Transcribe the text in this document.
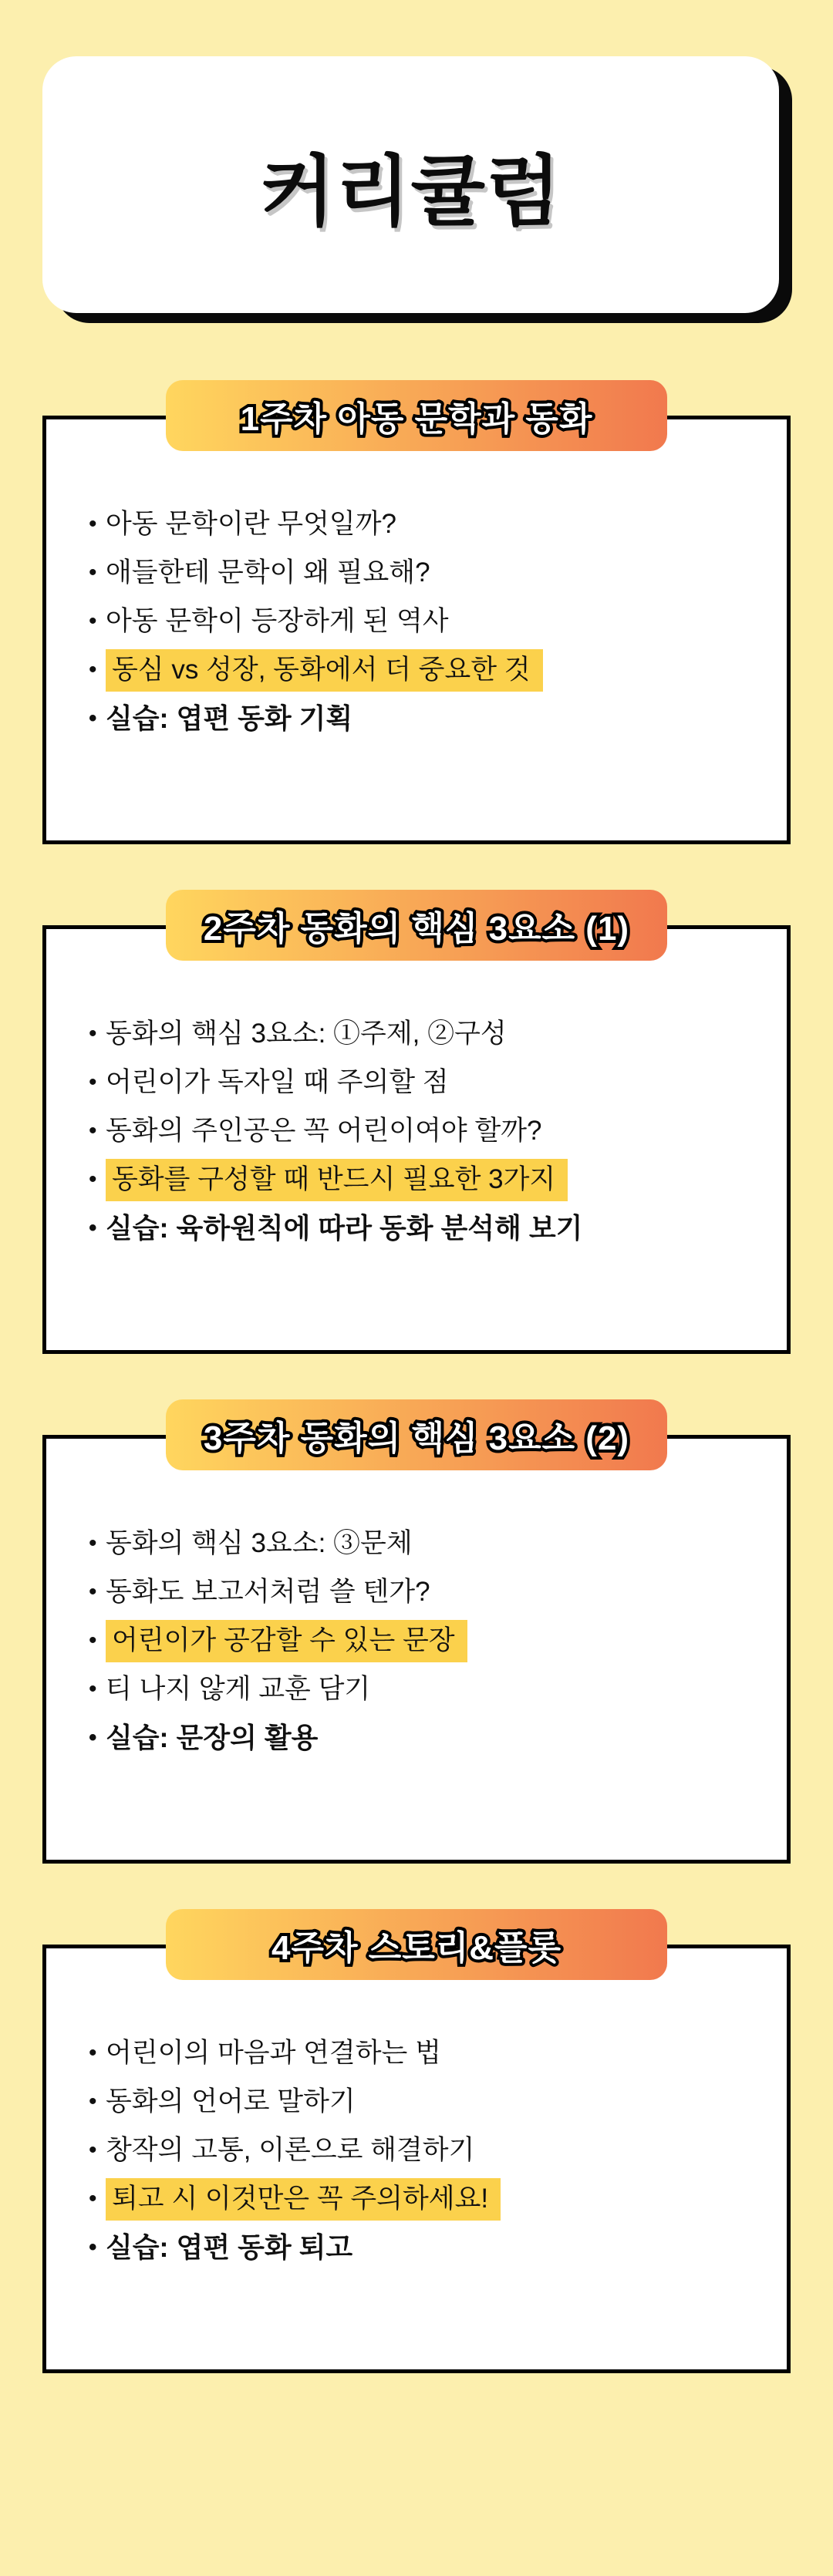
커리큘럼
1주차 아동 문학과 동화
• 아동 문학이란 무엇일까?
• 애들한테 문학이 왜 필요해?
• 아동 문학이 등장하게 된 역사
• 동심 vs 성장, 동화에서 더 중요한 것
• 실습: 엽편 동화 기획
2주차 동화의 핵심 3요소 (1)
• 동화의 핵심 3요소: ①주제, ②구성
• 어린이가 독자일 때 주의할 점
• 동화의 주인공은 꼭 어린이여야 할까?
• 동화를 구성할 때 반드시 필요한 3가지
• 실습: 육하원칙에 따라 동화 분석해 보기
3주차 동화의 핵심 3요소 (2)
• 동화의 핵심 3요소: ③문체
• 동화도 보고서처럼 쓸 텐가?
• 어린이가 공감할 수 있는 문장
• 티 나지 않게 교훈 담기
• 실습: 문장의 활용
4주차 스토리&플롯
• 어린이의 마음과 연결하는 법
• 동화의 언어로 말하기
• 창작의 고통, 이론으로 해결하기
• 퇴고 시 이것만은 꼭 주의하세요!
• 실습: 엽편 동화 퇴고
